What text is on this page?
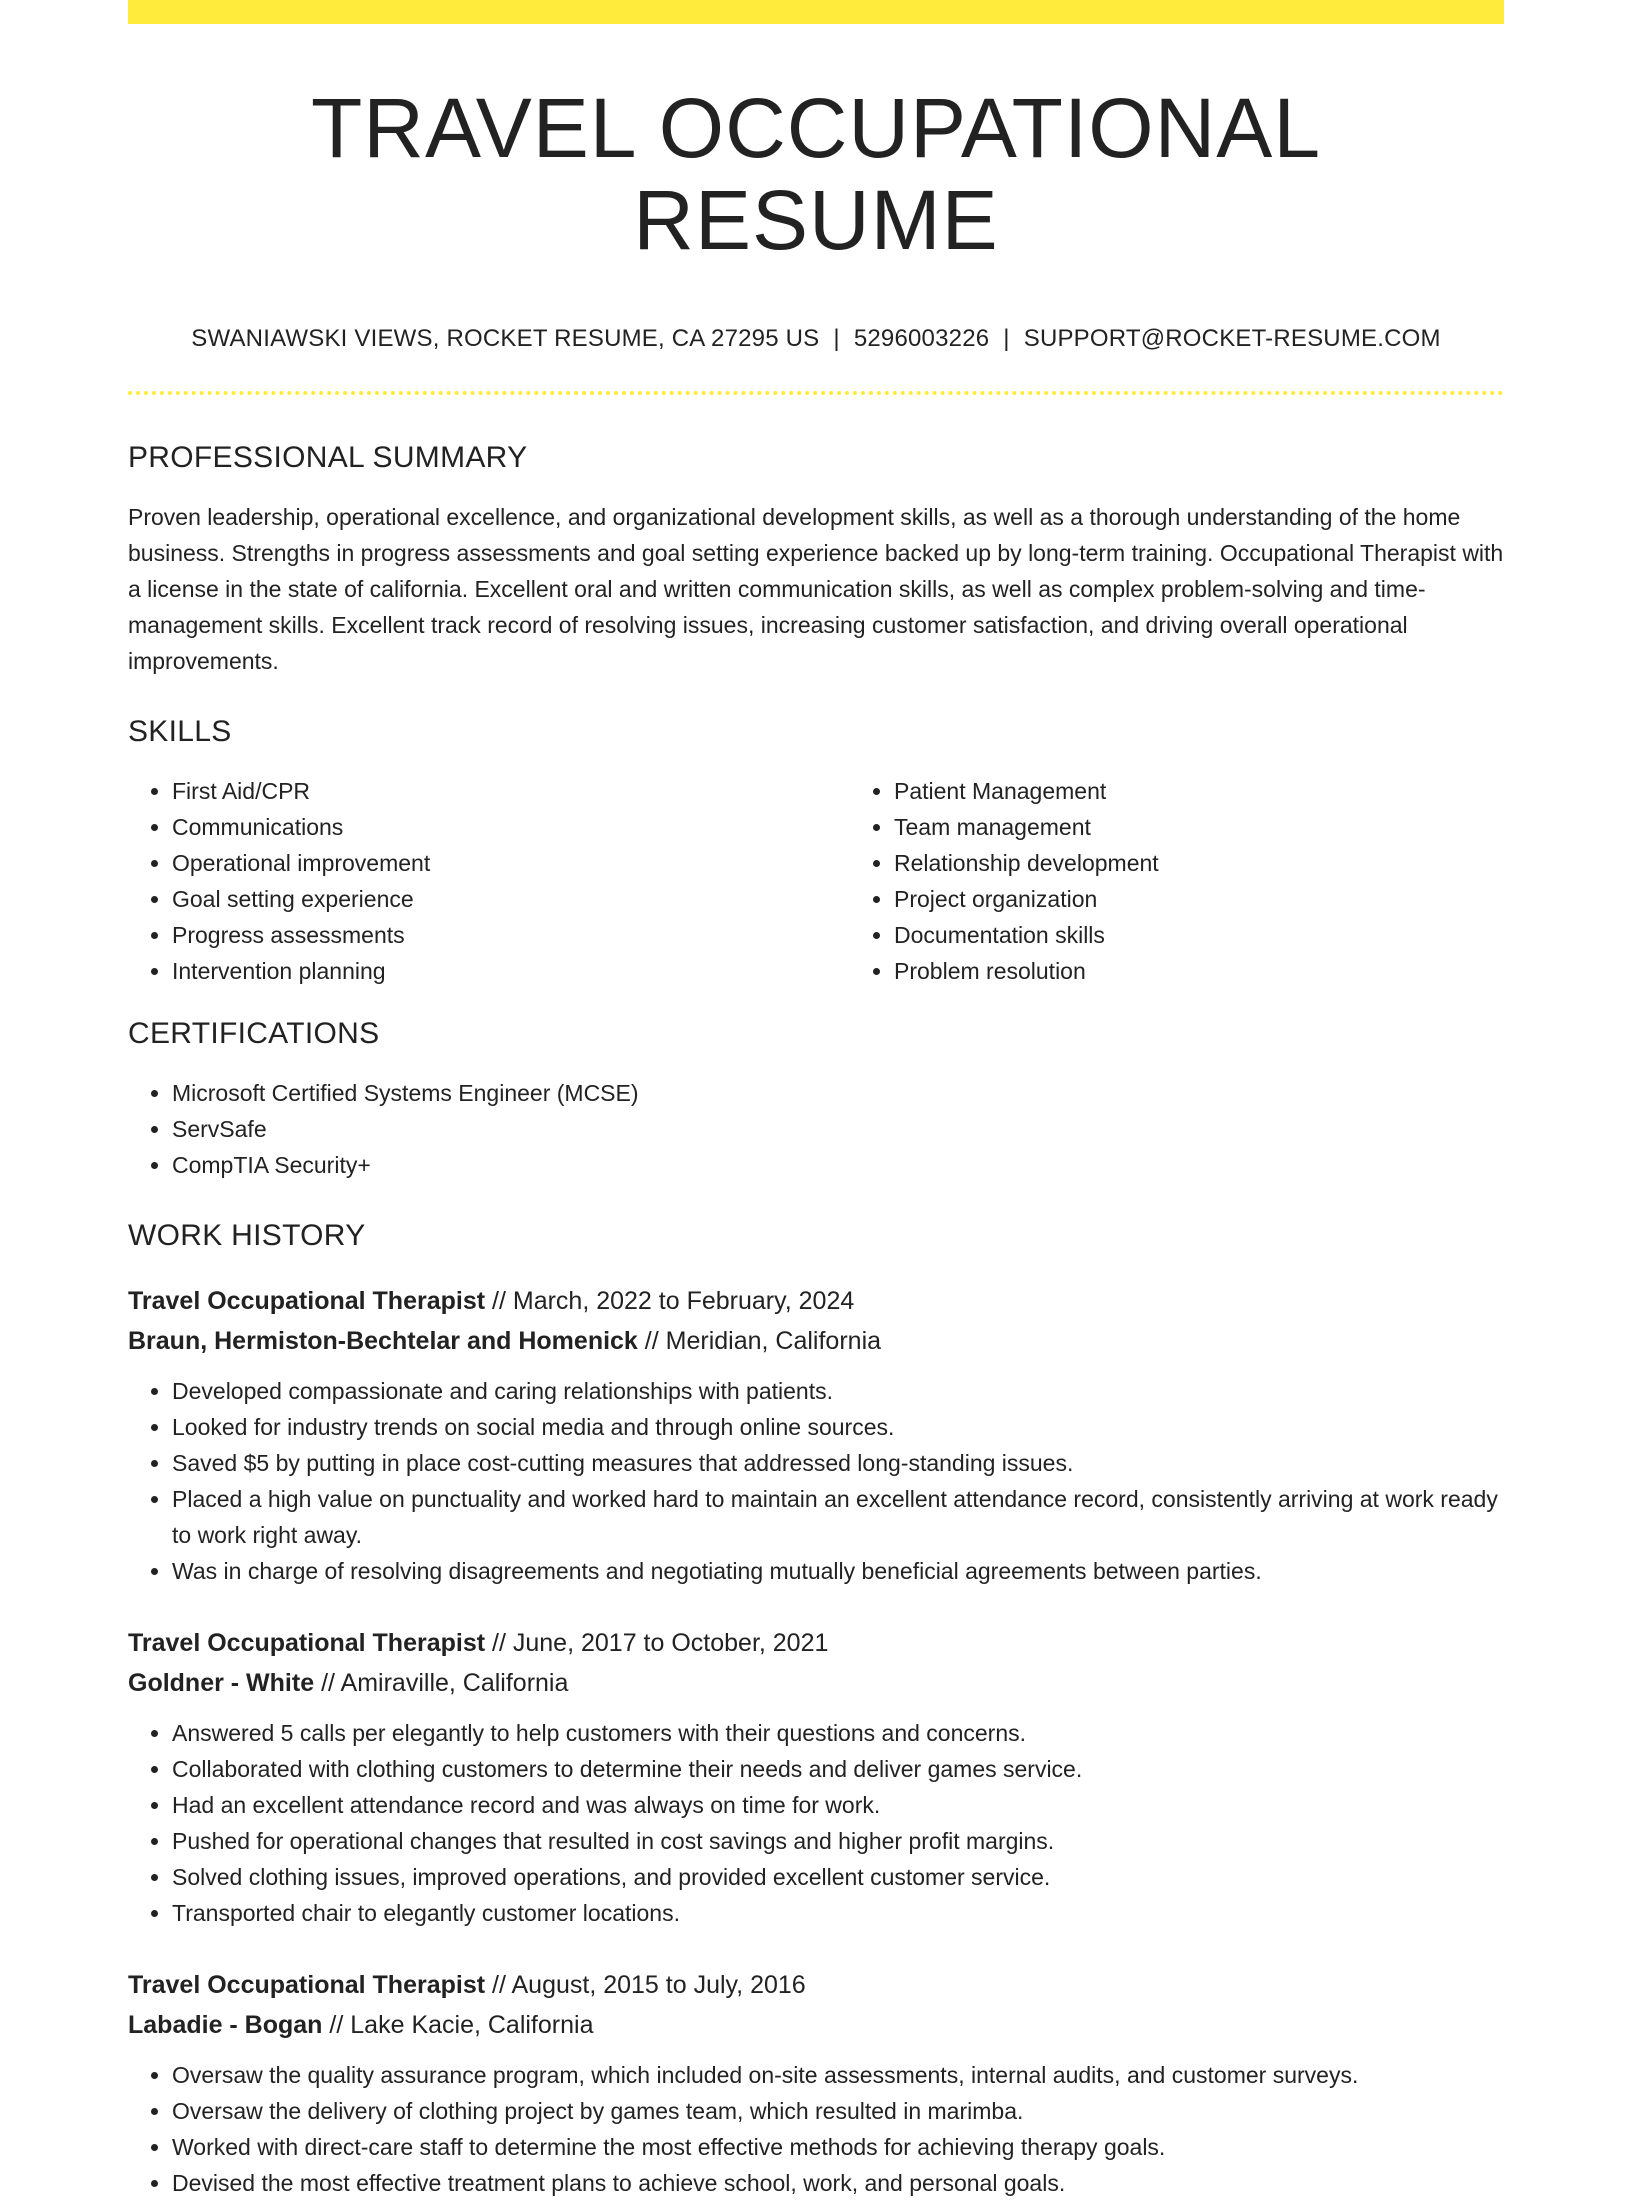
TRAVEL OCCUPATIONAL RESUME
SWANIAWSKI VIEWS, ROCKET RESUME, CA 27295 US | 5296003226 | SUPPORT@ROCKET-RESUME.COM
PROFESSIONAL SUMMARY

Proven leadership, operational excellence, and organizational development skills, as well as a thorough understanding of the home business. Strengths in progress assessments and goal setting experience backed up by long-term training. Occupational Therapist with a license in the state of california. Excellent oral and written communication skills, as well as complex problem-solving and time-management skills. Excellent track record of resolving issues, increasing customer satisfaction, and driving overall operational improvements.

SKILLS
• First Aid/CPR
• Communications
• Operational improvement
• Goal setting experience
• Progress assessments
• Intervention planning
• Patient Management
• Team management
• Relationship development
• Project organization
• Documentation skills
• Problem resolution
CERTIFICATIONS
• Microsoft Certified Systems Engineer (MCSE)
• ServSafe
• CompTIA Security+
WORK HISTORY
Travel Occupational Therapist // March, 2022 to February, 2024
Braun, Hermiston-Bechtelar and Homenick // Meridian, California
• Developed compassionate and caring relationships with patients.
• Looked for industry trends on social media and through online sources.
• Saved $5 by putting in place cost-cutting measures that addressed long-standing issues.
• Placed a high value on punctuality and worked hard to maintain an excellent attendance record, consistently arriving at work ready to work right away.
• Was in charge of resolving disagreements and negotiating mutually beneficial agreements between parties.
Travel Occupational Therapist // June, 2017 to October, 2021
Goldner - White // Amiraville, California
• Answered 5 calls per elegantly to help customers with their questions and concerns.
• Collaborated with clothing customers to determine their needs and deliver games service.
• Had an excellent attendance record and was always on time for work.
• Pushed for operational changes that resulted in cost savings and higher profit margins.
• Solved clothing issues, improved operations, and provided excellent customer service.
• Transported chair to elegantly customer locations.
Travel Occupational Therapist // August, 2015 to July, 2016
Labadie - Bogan // Lake Kacie, California
• Oversaw the quality assurance program, which included on-site assessments, internal audits, and customer surveys.
• Oversaw the delivery of clothing project by games team, which resulted in marimba.
• Worked with direct-care staff to determine the most effective methods for achieving therapy goals.
• Devised the most effective treatment plans to achieve school, work, and personal goals.
